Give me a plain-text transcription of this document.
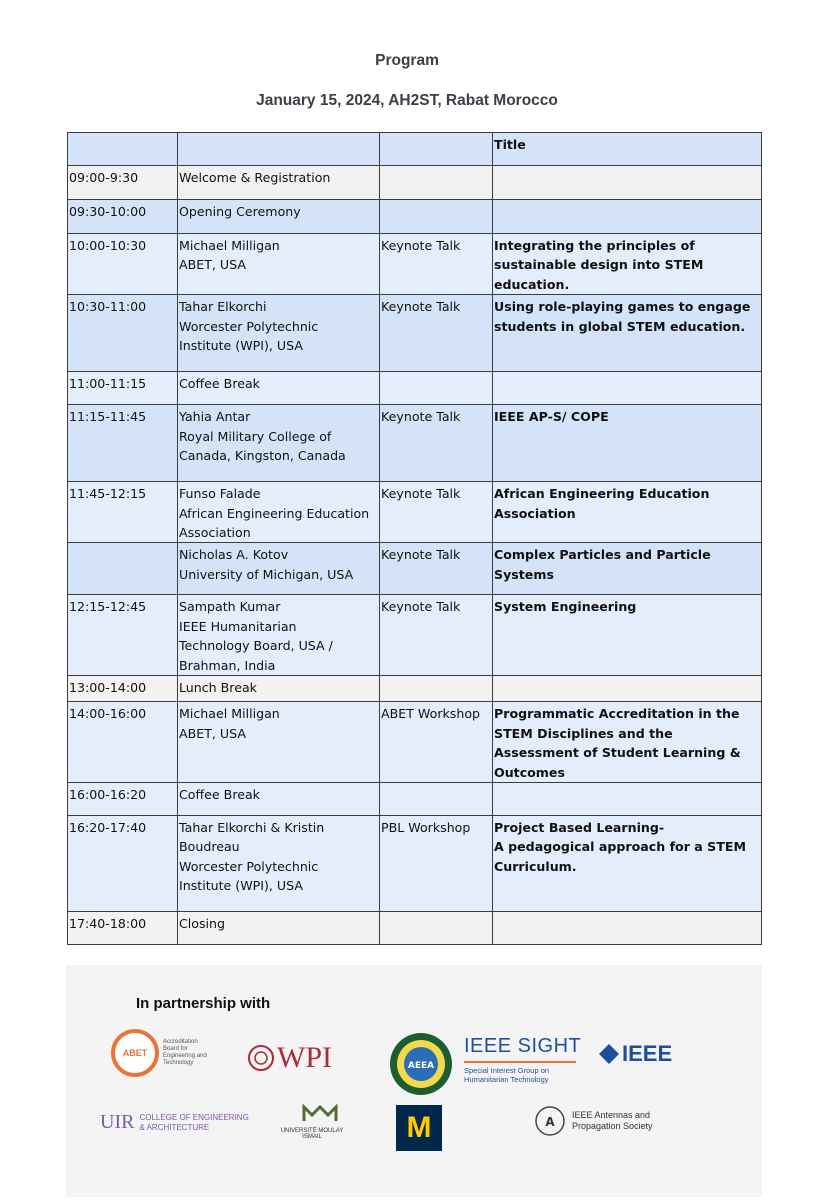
Program
January 15, 2024, AH2ST, Rabat Morocco
			Title
09:00-9:30	Welcome & Registration		

09:30-10:00	Opening Ceremony		

10:00-10:30	Michael Milligan
ABET, USA	Keynote Talk	Integrating the principles of sustainable design into STEM education.
10:30-11:00	Tahar Elkorchi
Worcester Polytechnic
Institute (WPI), USA	Keynote Talk	Using role-playing games to engage students in global STEM education.
11:00-11:15	Coffee Break		

11:15-11:45	Yahia Antar
Royal Military College of
Canada, Kingston, Canada	Keynote Talk	IEEE AP-S/ COPE
11:45-12:15	Funso Falade
African Engineering Education
Association	Keynote Talk	African Engineering Education Association

	Nicholas A. Kotov
University of Michigan, USA	Keynote Talk	Complex Particles and Particle Systems
12:15-12:45	Sampath Kumar
IEEE Humanitarian
Technology Board, USA /
Brahman, India	Keynote Talk	System Engineering
13:00-14:00	Lunch Break		

14:00-16:00	Michael Milligan
ABET, USA	ABET Workshop	Programmatic Accreditation in the STEM Disciplines and the Assessment of Student Learning & Outcomes
16:00-16:20	Coffee Break		

16:20-17:40	Tahar Elkorchi & Kristin
Boudreau
Worcester Polytechnic
Institute (WPI), USA	PBL Workshop	Project Based Learning-
A pedagogical approach for a STEM Curriculum.
17:40-18:00	Closing		

In partnership with
ABET
Accreditation
Board for
Engineering and
Technology	WPI	AEEA
IEEE SIGHT
Special Interest Group on
Humanitarian Technology
IEEE
UIR COLLEGE OF ENGINEERING
& ARCHITECTURE	UNIVERSITÉ MOULAY ISMAIL	M	A IEEE Antennas and
Propagation Society
